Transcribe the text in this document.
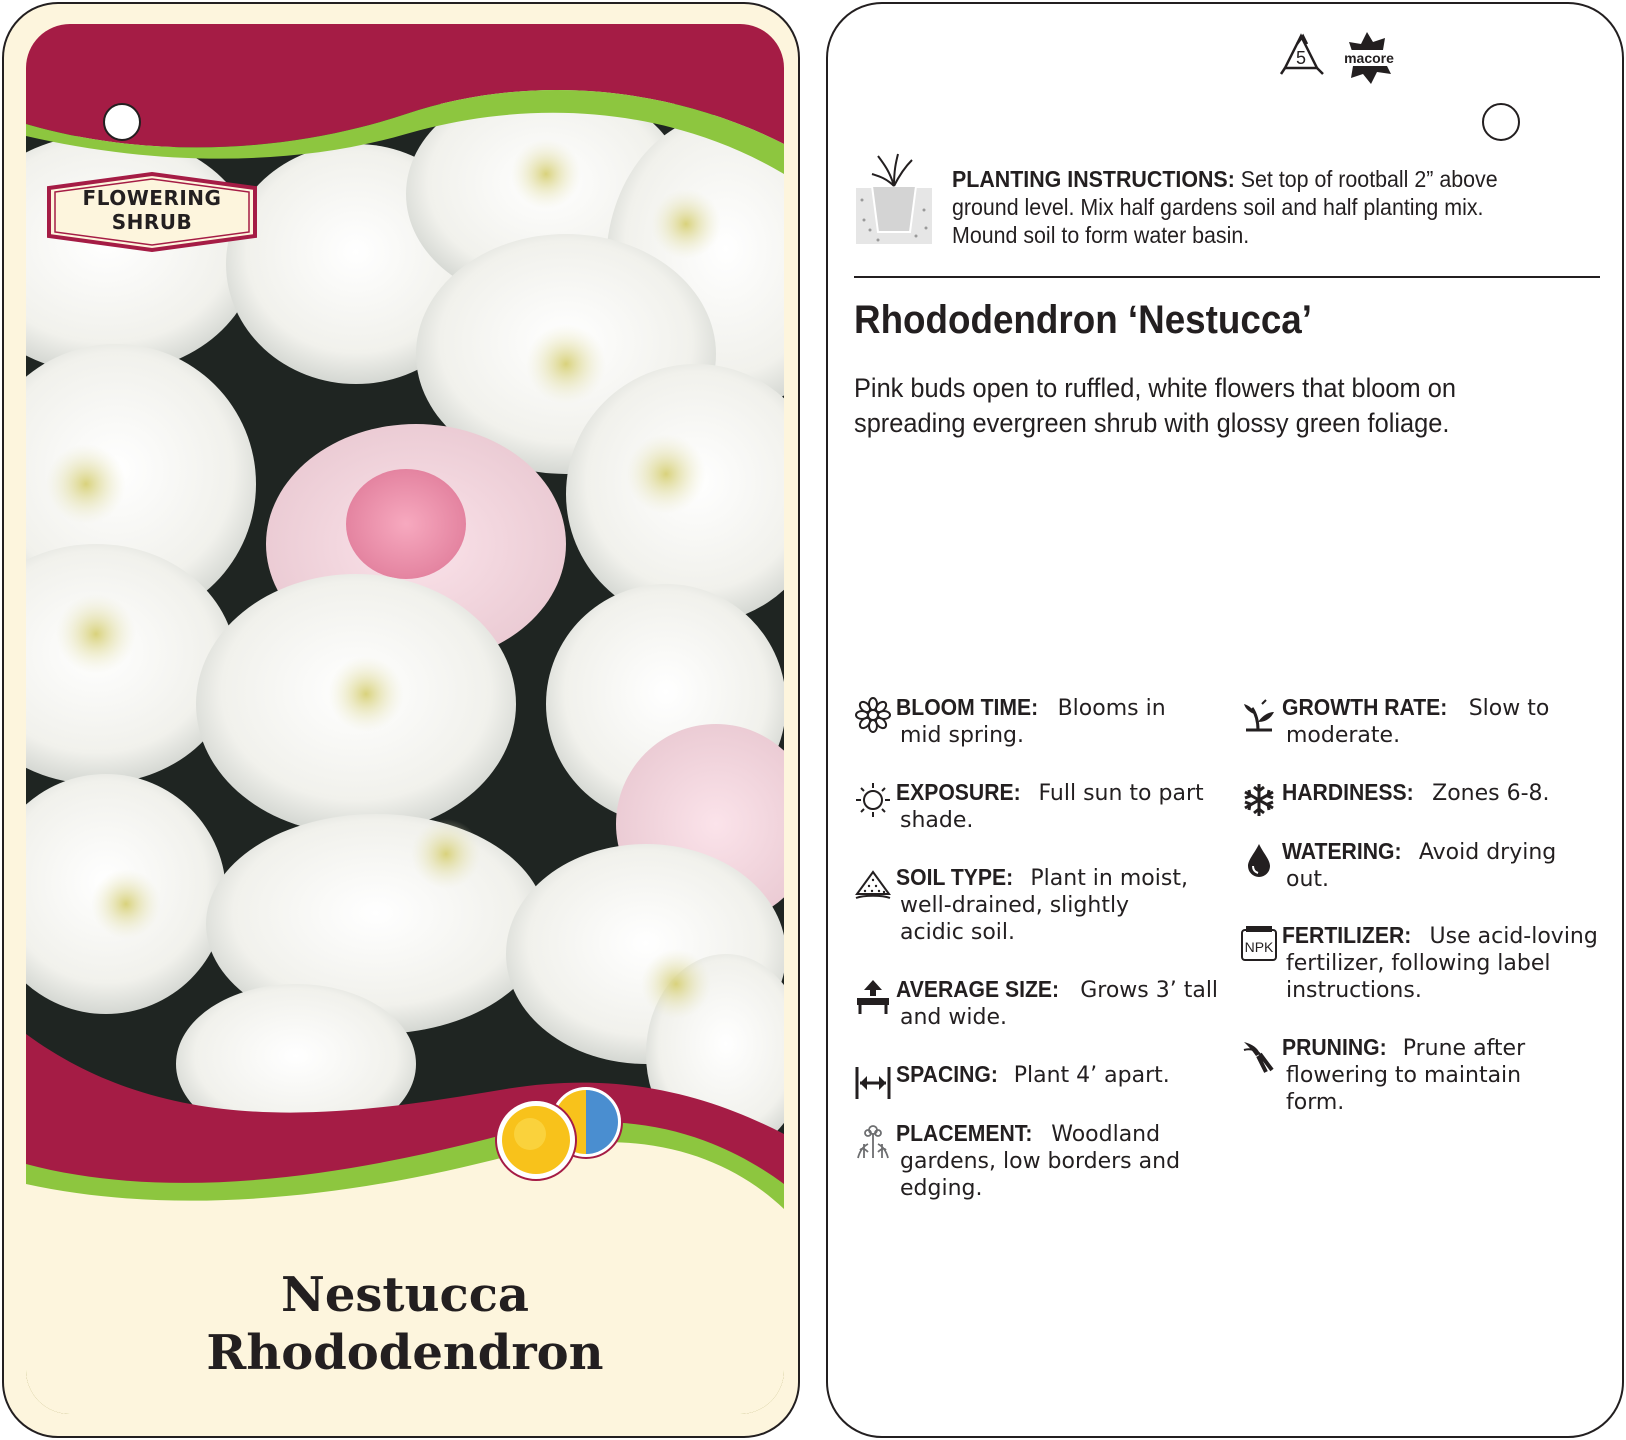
FLOWERING
SHRUB
Nestucca
Rhododendron
5	macore
PLANTING INSTRUCTIONS: Set top of rootball 2” above
ground level. Mix half gardens soil and half planting mix.
Mound soil to form water basin.
Rhododendron ‘Nestucca’
Pink buds open to ruffled, white flowers that bloom on
spreading evergreen shrub with glossy green foliage.
BLOOM TIME: Blooms in
mid spring.
EXPOSURE: Full sun to part
shade.
SOIL TYPE: Plant in moist,
well-drained, slightly
acidic soil.
AVERAGE SIZE: Grows 3’ tall
and wide.
SPACING: Plant 4’ apart.
PLACEMENT: Woodland
gardens, low borders and
edging.
GROWTH RATE: Slow to
moderate.
HARDINESS: Zones 6-8.
WATERING: Avoid drying
out.
NPK FERTILIZER: Use acid-loving
fertilizer, following label
instructions.
PRUNING: Prune after
flowering to maintain
form.
